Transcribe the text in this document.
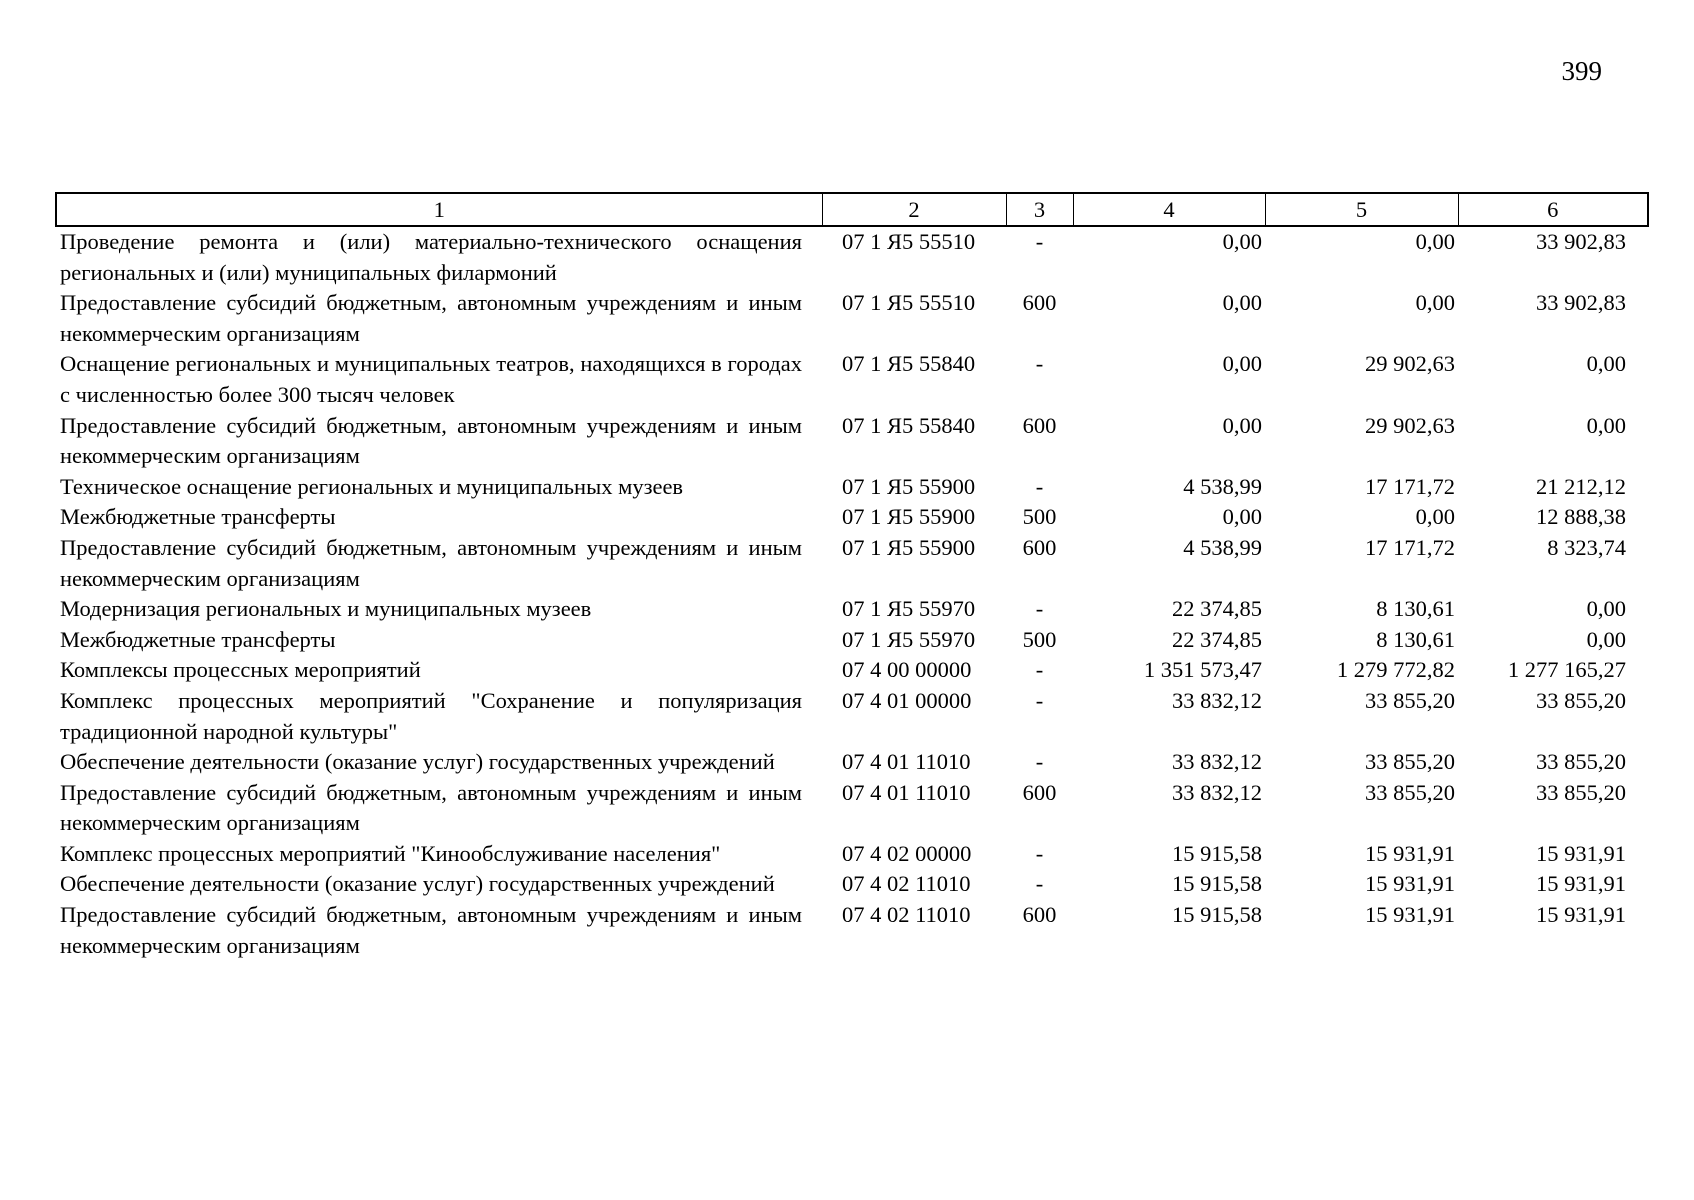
399
1	2	3	4	5	6
Проведение ремонта и (или) материально-технического оснащения региональных и (или) муниципальных филармоний	07 1 Я5 55510	-	0,00	0,00	33 902,83
Предоставление субсидий бюджетным, автономным учреждениям и иным некоммерческим организациям	07 1 Я5 55510	600	0,00	0,00	33 902,83
Оснащение региональных и муниципальных театров, находящихся в городах с численностью более 300 тысяч человек	07 1 Я5 55840	-	0,00	29 902,63	0,00
Предоставление субсидий бюджетным, автономным учреждениям и иным некоммерческим организациям	07 1 Я5 55840	600	0,00	29 902,63	0,00
Техническое оснащение региональных и муниципальных музеев	07 1 Я5 55900	-	4 538,99	17 171,72	21 212,12
Межбюджетные трансферты	07 1 Я5 55900	500	0,00	0,00	12 888,38
Предоставление субсидий бюджетным, автономным учреждениям и иным некоммерческим организациям	07 1 Я5 55900	600	4 538,99	17 171,72	8 323,74
Модернизация региональных и муниципальных музеев	07 1 Я5 55970	-	22 374,85	8 130,61	0,00
Межбюджетные трансферты	07 1 Я5 55970	500	22 374,85	8 130,61	0,00
Комплексы процессных мероприятий	07 4 00 00000	-	1 351 573,47	1 279 772,82	1 277 165,27
Комплекс процессных мероприятий "Сохранение и популяризация традиционной народной культуры"	07 4 01 00000	-	33 832,12	33 855,20	33 855,20
Обеспечение деятельности (оказание услуг) государственных учреждений	07 4 01 11010	-	33 832,12	33 855,20	33 855,20
Предоставление субсидий бюджетным, автономным учреждениям и иным некоммерческим организациям	07 4 01 11010	600	33 832,12	33 855,20	33 855,20
Комплекс процессных мероприятий "Кинообслуживание населения"	07 4 02 00000	-	15 915,58	15 931,91	15 931,91
Обеспечение деятельности (оказание услуг) государственных учреждений	07 4 02 11010	-	15 915,58	15 931,91	15 931,91
Предоставление субсидий бюджетным, автономным учреждениям и иным некоммерческим организациям	07 4 02 11010	600	15 915,58	15 931,91	15 931,91
